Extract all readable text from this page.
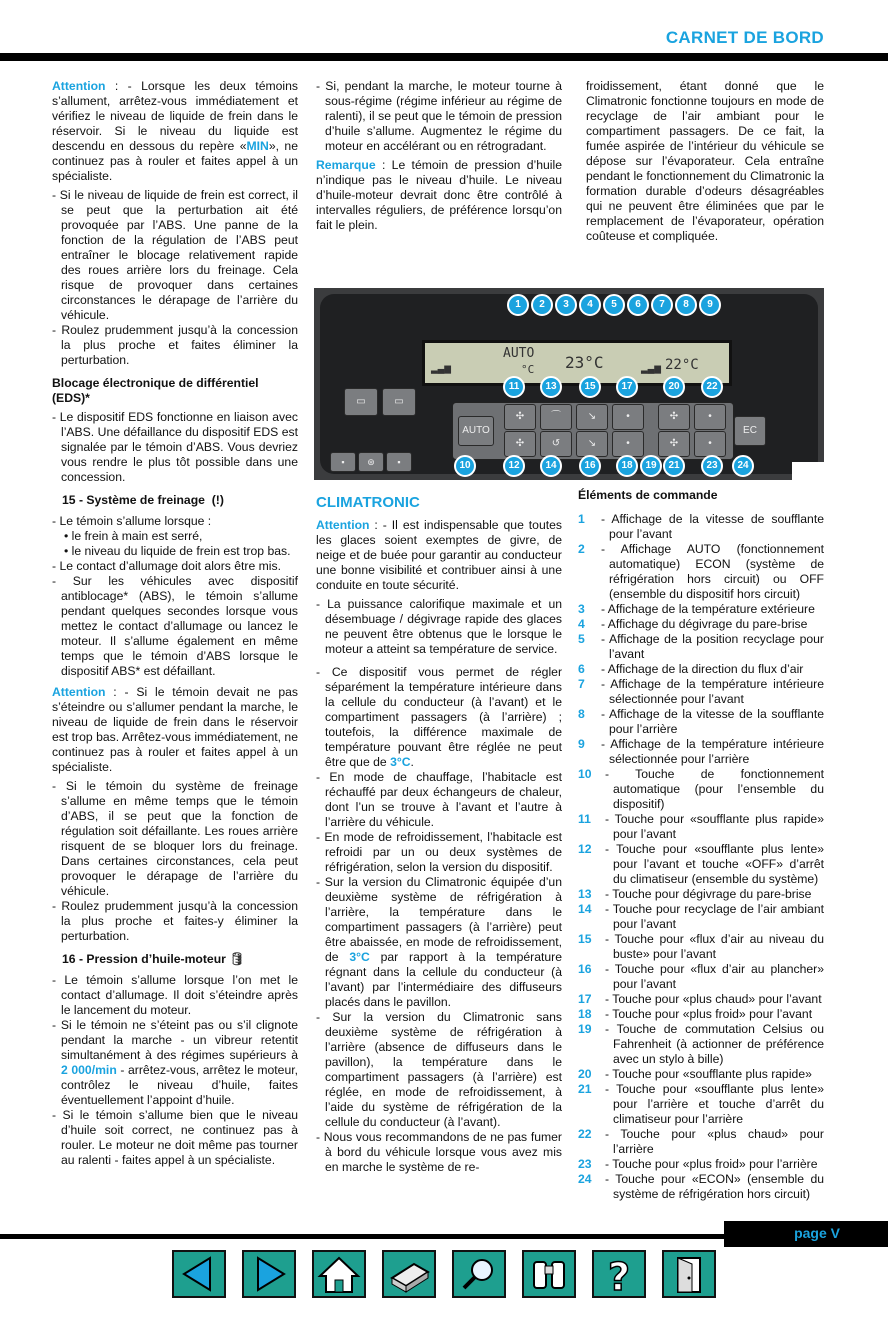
CARNET DE BORD

Attention : - Lorsque les deux témoins s’allument, arrêtez-vous immédiatement et vérifiez le niveau de liquide de frein dans le réservoir. Si le niveau du liquide est descendu en dessous du repère «MIN», ne continuez pas à rouler et faites appel à un spécialiste.

- Si le niveau de liquide de frein est correct, il se peut que la perturbation ait été provoquée par l’ABS. Une panne de la fonction de la régulation de l’ABS peut entraîner le blocage relativement rapide des roues arrière lors du freinage. Cela risque de provoquer dans certaines circonstances le dérapage de l’arrière du véhicule.
- Roulez prudemment jusqu’à la concession la plus proche et faites éliminer la perturbation.
Blocage électronique de différentiel (EDS)*
- Le dispositif EDS fonctionne en liaison avec l’ABS. Une défaillance du dispositif EDS est signalée par le témoin d’ABS. Vous devriez vous rendre le plus tôt possible dans une concession.
15 - Système de freinage (!)
- Le témoin s’allume lorsque :
• le frein à main est serré,
• le niveau du liquide de frein est trop bas.
- Le contact d’allumage doit alors être mis.
- Sur les véhicules avec dispositif antiblocage* (ABS), le témoin s’allume pendant quelques secondes lorsque vous mettez le contact d’allumage ou lancez le moteur. Il s’allume également en même temps que le témoin d’ABS lorsque le dispositif ABS* est défaillant.

Attention : - Si le témoin devait ne pas s’éteindre ou s’allumer pendant la marche, le niveau de liquide de frein dans le réservoir est trop bas. Arrêtez-vous immédiatement, ne continuez pas à rouler et faites appel à un spécialiste.

- Si le témoin du système de freinage s’allume en même temps que le témoin d’ABS, il se peut que la fonction de régulation soit défaillante. Les roues arrière risquent de se bloquer lors du freinage. Dans certaines circonstances, cela peut provoquer le dérapage de l’arrière du véhicule.
- Roulez prudemment jusqu’à la concession la plus proche et faites-y éliminer la perturbation.
16 - Pression d’huile-moteur 🛢︎
- Le témoin s’allume lorsque l’on met le contact d’allumage. Il doit s’éteindre après le lancement du moteur.
- Si le témoin ne s’éteint pas ou s’il clignote pendant la marche - un vibreur retentit simultanément à des régimes supérieurs à 2 000/min - arrêtez-vous, arrêtez le moteur, contrôlez le niveau d’huile, faites éventuellement l’appoint d’huile.
- Si le témoin s’allume bien que le niveau d’huile soit correct, ne continuez pas à rouler. Le moteur ne doit même pas tourner au ralenti - faites appel à un spécialiste.
- Si, pendant la marche, le moteur tourne à sous-régime (régime inférieur au régime de ralenti), il se peut que le témoin de pression d’huile s’allume. Augmentez le régime du moteur en accélérant ou en rétrogradant.

Remarque : Le témoin de pression d’huile n’indique pas le niveau d’huile. Le niveau d’huile-moteur devrait donc être contrôlé à intervalles réguliers, de préférence lorsqu’on fait le plein.

froidissement, étant donné que le Climatronic fonctionne toujours en mode de recyclage de l’air ambiant pour le compartiment passagers. De ce fait, la fumée aspirée de l’intérieur du véhicule se dépose sur l’évaporateur. Cela entraîne pendant le fonctionnement du Climatronic la formation durable d’odeurs désagréables qui ne peuvent être éliminées que par le remplacement de l’évaporateur, opération coûteuse et compliquée.

AUTO
°C 23°C	22°C
▂▃▅	▂▃▅
▭	▭
▪	⊛	▪
AUTO
✣
✣
⌒
↺
↘
↘
•
•
✣
✣
•
•
EC
1	2	3	4	5	6	7	8	9
11	13	15	17	20	22
10	12	14	16	18	19	21	23	24
CLIMATRONIC

Attention : - Il est indispensable que toutes les glaces soient exemptes de givre, de neige et de buée pour garantir au conducteur une bonne visibilité et contribuer ainsi à une conduite en toute sécurité.

- La puissance calorifique maximale et un désembuage / dégivrage rapide des glaces ne peuvent être obtenus que le lorsque le moteur a atteint sa température de service.
- Ce dispositif vous permet de régler séparément la température intérieure dans la cellule du conducteur (à l’avant) et le compartiment passagers (à l’arrière) ; toutefois, la différence maximale de température pouvant être réglée ne peut être que de 3°C.
- En mode de chauffage, l’habitacle est réchauffé par deux échangeurs de chaleur, dont l’un se trouve à l’avant et l’autre à l’arrière du véhicule.
- En mode de refroidissement, l’habitacle est refroidi par un ou deux systèmes de réfrigération, selon la version du dispositif.
- Sur la version du Climatronic équipée d’un deuxième système de réfrigération à l’arrière, la température dans le compartiment passagers (à l’arrière) peut être abaissée, en mode de refroidissement, de 3°C par rapport à la température régnant dans la cellule du conducteur (à l’avant) par l’intermédiaire des diffuseurs placés dans le pavillon.
- Sur la version du Climatronic sans deuxième système de réfrigération à l’arrière (absence de diffuseurs dans le pavillon), la température dans le compartiment passagers (à l’arrière) est réglée, en mode de refroidissement, à l’aide du système de réfrigération de la cellule du conducteur (à l’avant).
- Nous vous recommandons de ne pas fumer à bord du véhicule lorsque vous avez mis en marche le système de re-
Éléments de commande
1	- Affichage de la vitesse de soufflante pour l’avant
2	- Affichage AUTO (fonctionnement automatique) ECON (système de réfrigération hors circuit) ou OFF (ensemble du dispositif hors circuit)
3	- Affichage de la température extérieure
4	- Affichage du dégivrage du pare-brise
5	- Affichage de la position recyclage pour l’avant
6	- Affichage de la direction du flux d’air
7	- Affichage de la température intérieure sélectionnée pour l’avant
8	- Affichage de la vitesse de la soufflante pour l’arrière
9	- Affichage de la température intérieure sélectionnée pour l’arrière
10	- Touche de fonctionnement automatique (pour l’ensemble du dispositif)
11	- Touche pour «soufflante plus rapide» pour l’avant
12	- Touche pour «soufflante plus lente» pour l’avant et touche «OFF» d’arrêt du climatiseur (ensemble du système)
13	- Touche pour dégivrage du pare-brise
14	- Touche pour recyclage de l’air ambiant pour l’avant
15	- Touche pour «flux d’air au niveau du buste» pour l’avant
16	- Touche pour «flux d’air au plancher» pour l’avant
17	- Touche pour «plus chaud» pour l’avant
18	- Touche pour «plus froid» pour l’avant
19	- Touche de commutation Celsius ou Fahrenheit (à actionner de préférence avec un stylo à bille)
20	- Touche pour «soufflante plus rapide»
21	- Touche pour «soufflante plus lente» pour l’arrière et touche d’arrêt du climatiseur pour l’arrière
22	- Touche pour «plus chaud» pour l’arrière
23	- Touche pour «plus froid» pour l’arrière
24	- Touche pour «ECON» (ensemble du système de réfrigération hors circuit)
page V
?
